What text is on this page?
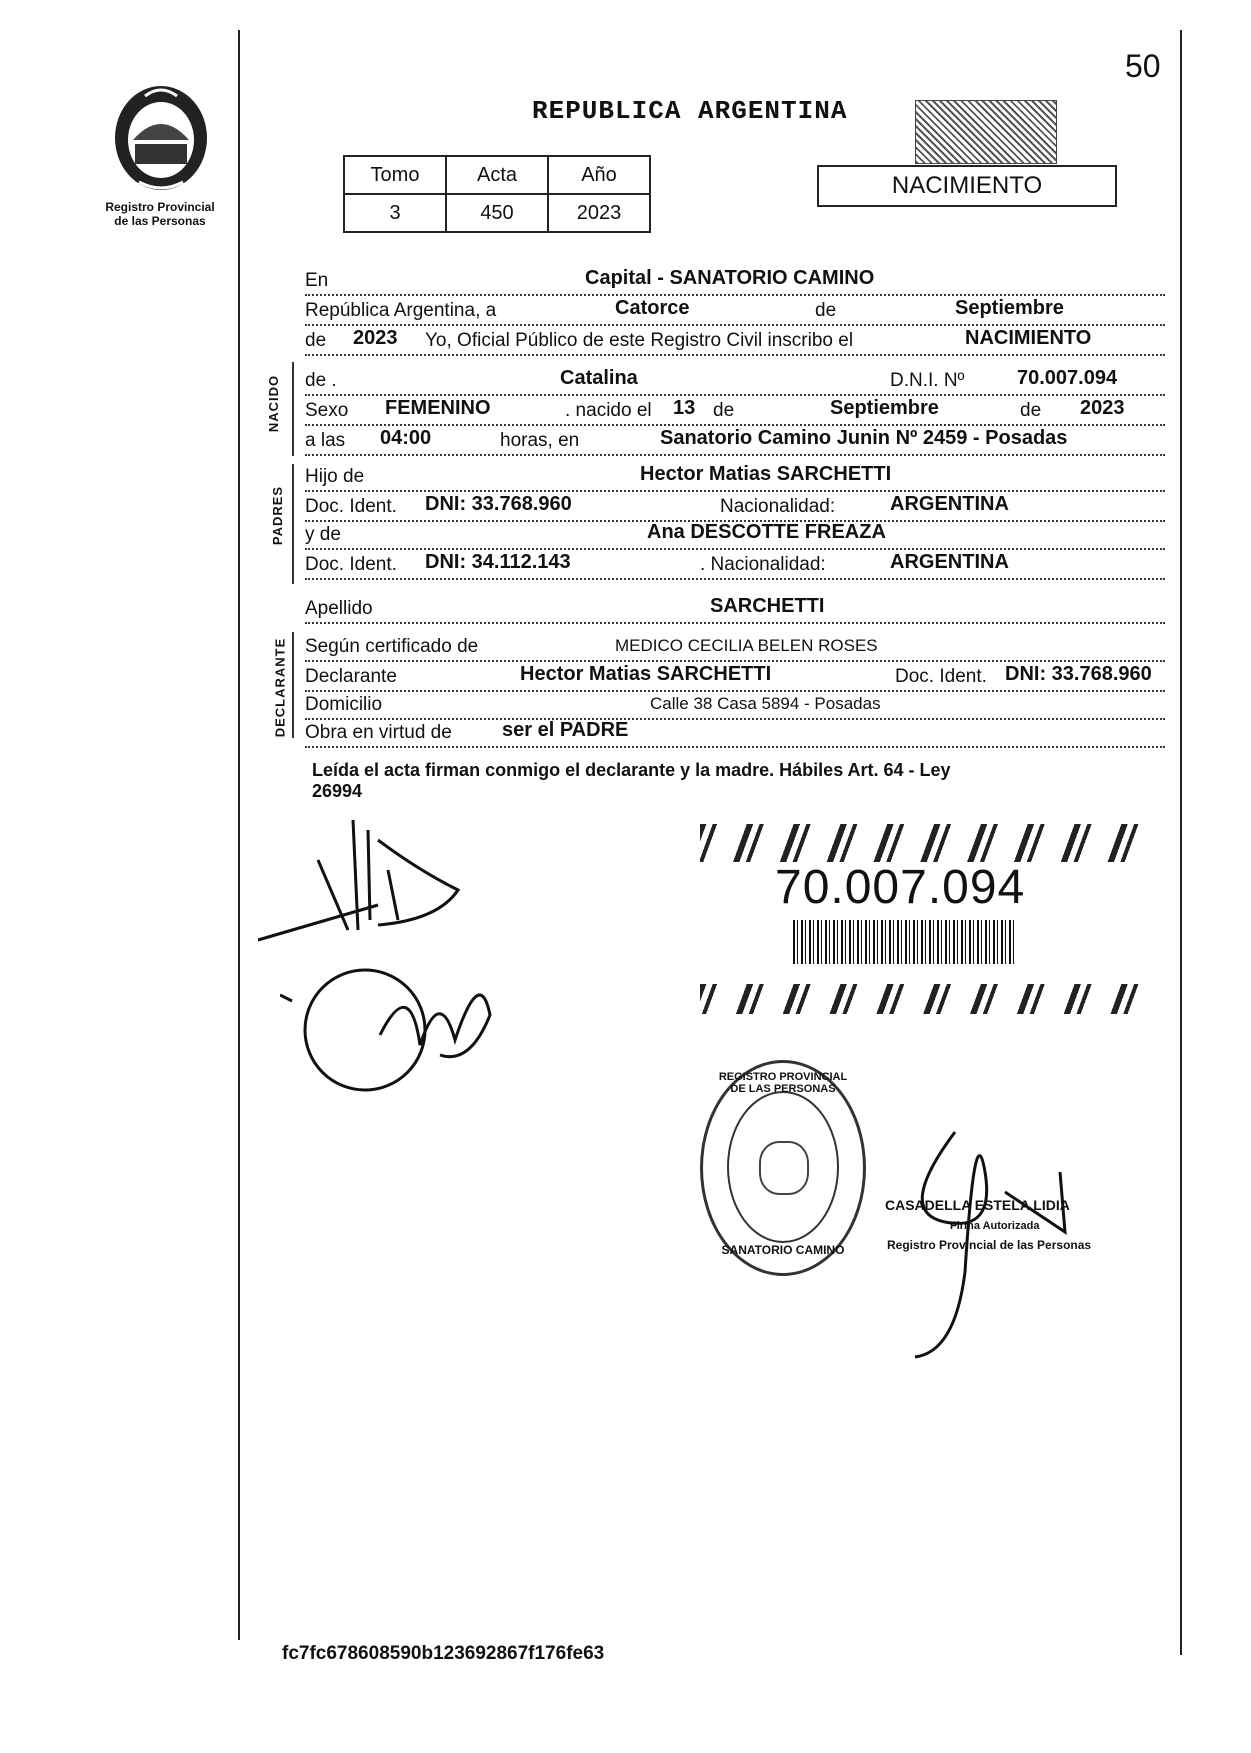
50
Registro Provincial
de las Personas
REPUBLICA ARGENTINA
Tomo	Acta	Año
3	450	2023
NACIMIENTO
En	Capital - SANATORIO CAMINO
República Argentina, a	Catorce	de	Septiembre
de 2023 Yo, Oficial Público de este Registro Civil inscribo el	NACIMIENTO
NACIDO de .	Catalina	D.N.I. Nº	70.007.094
Sexo FEMENINO	. nacido el 13 de	Septiembre	de 2023
a las 04:00	horas, en	Sanatorio Camino Junin Nº 2459 - Posadas
PADRES
Hijo de	Hector Matias SARCHETTI
Doc. Ident. DNI: 33.768.960	Nacionalidad:	ARGENTINA
y de	Ana DESCOTTE FREAZA
Doc. Ident. DNI: 34.112.143	. Nacionalidad:	ARGENTINA
Apellido	SARCHETTI
DECLARANTE Según certificado de	MEDICO CECILIA BELEN ROSES
Declarante	Hector Matias SARCHETTI	Doc. Ident. DNI: 33.768.960
Domicilio	Calle 38 Casa 5894 - Posadas
Obra en virtud de	ser el PADRE
Leída el acta firman conmigo el declarante y la madre. Hábiles Art. 64 - Ley
26994
70.007.094
REGISTRO PROVINCIAL DE LAS PERSONAS
SANATORIO CAMINO
CASADELLA ESTELA LIDIA
Firma Autorizada
Registro Provincial de las Personas
fc7fc678608590b123692867f176fe63
